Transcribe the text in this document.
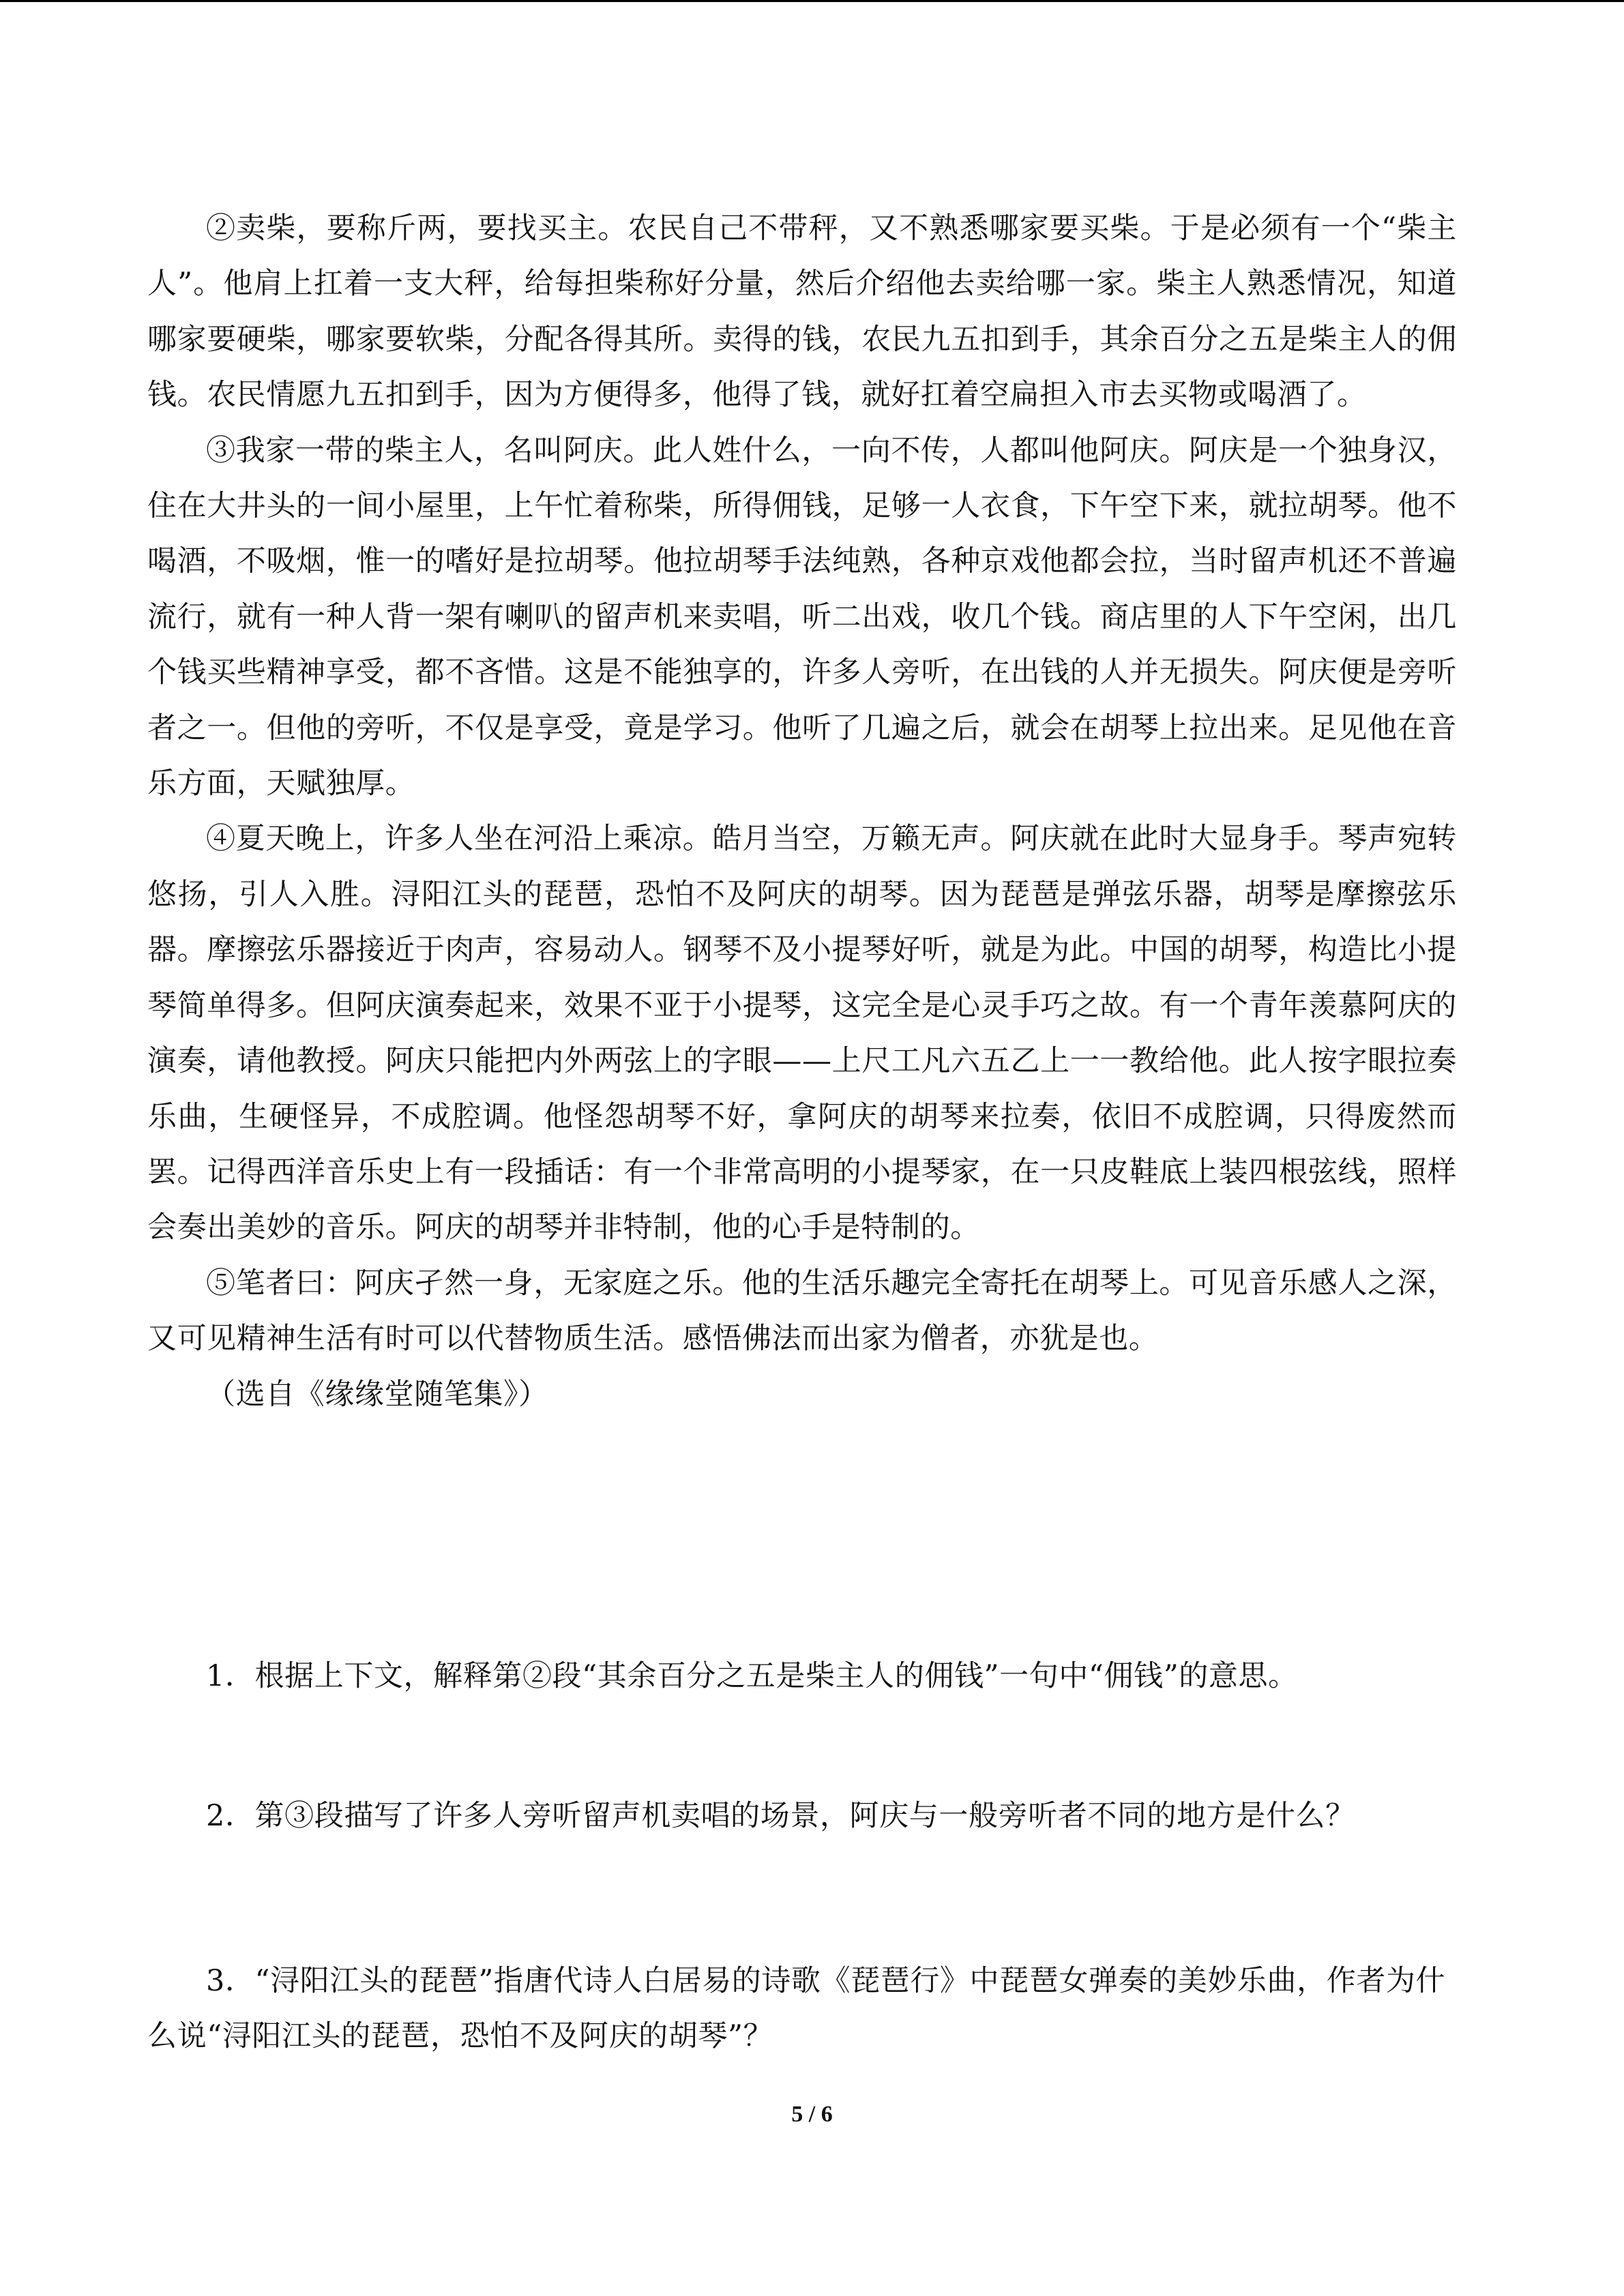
②卖柴，要称斤两，要找买主。农民自己不带秤，又不熟悉哪家要买柴。于是必须有一个“柴主人”。他肩上扛着一支大秤，给每担柴称好分量，然后介绍他去卖给哪一家。柴主人熟悉情况，知道哪家要硬柴，哪家要软柴，分配各得其所。卖得的钱，农民九五扣到手，其余百分之五是柴主人的佣钱。农民情愿九五扣到手，因为方便得多，他得了钱，就好扛着空扁担入市去买物或喝酒了。

③我家一带的柴主人，名叫阿庆。此人姓什么，一向不传，人都叫他阿庆。阿庆是一个独身汉，住在大井头的一间小屋里，上午忙着称柴，所得佣钱，足够一人衣食，下午空下来，就拉胡琴。他不喝酒，不吸烟，惟一的嗜好是拉胡琴。他拉胡琴手法纯熟，各种京戏他都会拉，当时留声机还不普遍流行，就有一种人背一架有喇叭的留声机来卖唱，听二出戏，收几个钱。商店里的人下午空闲，出几个钱买些精神享受，都不吝惜。这是不能独享的，许多人旁听，在出钱的人并无损失。阿庆便是旁听者之一。但他的旁听，不仅是享受，竟是学习。他听了几遍之后，就会在胡琴上拉出来。足见他在音乐方面，天赋独厚。

④夏天晚上，许多人坐在河沿上乘凉。皓月当空，万籁无声。阿庆就在此时大显身手。琴声宛转悠扬，引人入胜。浔阳江头的琵琶，恐怕不及阿庆的胡琴。因为琵琶是弹弦乐器，胡琴是摩擦弦乐器。摩擦弦乐器接近于肉声，容易动人。钢琴不及小提琴好听，就是为此。中国的胡琴，构造比小提琴简单得多。但阿庆演奏起来，效果不亚于小提琴，这完全是心灵手巧之故。有一个青年羡慕阿庆的演奏，请他教授。阿庆只能把内外两弦上的字眼——上尺工凡六五乙上一一教给他。此人按字眼拉奏乐曲，生硬怪异，不成腔调。他怪怨胡琴不好，拿阿庆的胡琴来拉奏，依旧不成腔调，只得废然而罢。记得西洋音乐史上有一段插话：有一个非常高明的小提琴家，在一只皮鞋底上装四根弦线，照样会奏出美妙的音乐。阿庆的胡琴并非特制，他的心手是特制的。

⑤笔者曰：阿庆孑然一身，无家庭之乐。他的生活乐趣完全寄托在胡琴上。可见音乐感人之深，又可见精神生活有时可以代替物质生活。感悟佛法而出家为僧者，亦犹是也。

（选自《缘缘堂随笔集》）

1．根据上下文，解释第②段“其余百分之五是柴主人的佣钱”一句中“佣钱”的意思。

2．第③段描写了许多人旁听留声机卖唱的场景，阿庆与一般旁听者不同的地方是什么？

3．“浔阳江头的琵琶”指唐代诗人白居易的诗歌《琵琶行》中琵琶女弹奏的美妙乐曲，作者为什么说“浔阳江头的琵琶，恐怕不及阿庆的胡琴”？

5 / 6
